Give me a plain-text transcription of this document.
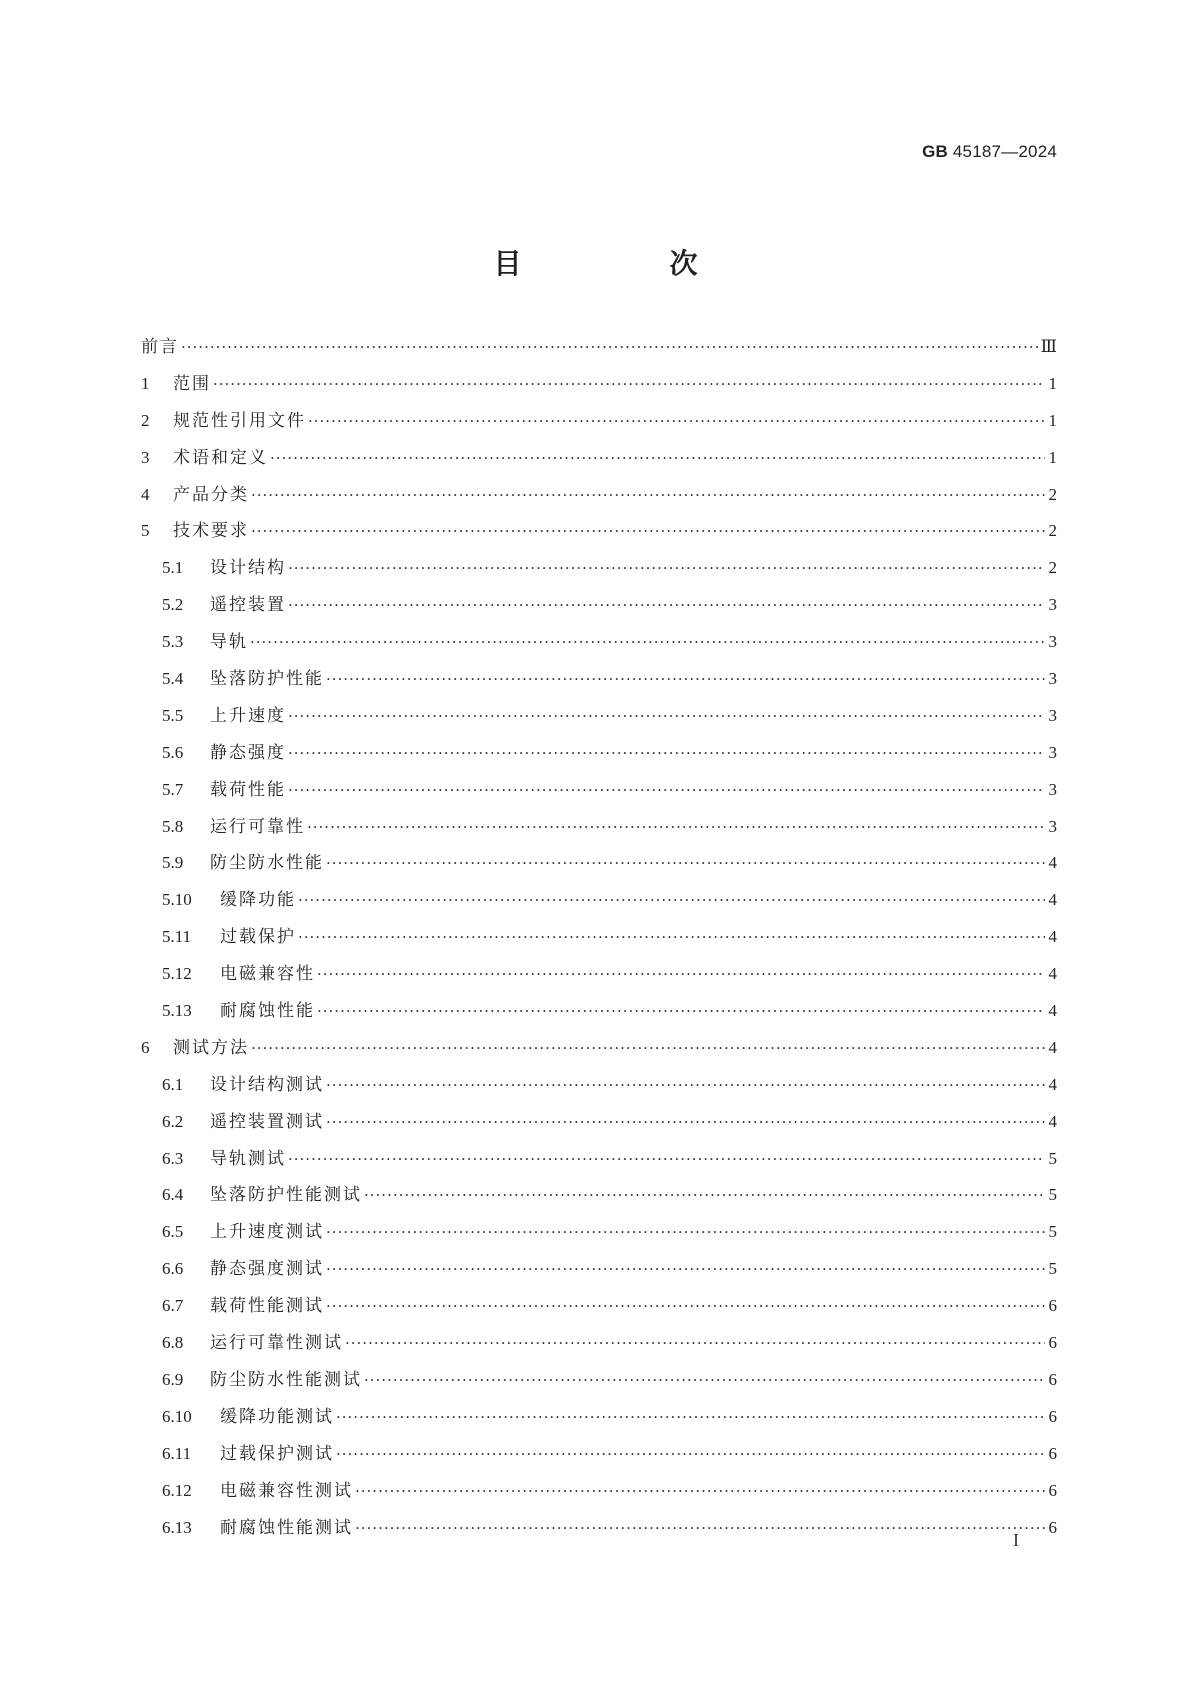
GB 45187—2024
目　次
前言 ·····	Ⅲ
1	范围 ·····	1
2	规范性引用文件 ·····	1
3	术语和定义 ·····	1
4	产品分类 ·····	2
5	技术要求 ·····	2
5.1	设计结构 ·····	2
5.2	遥控装置 ·····	3
5.3	导轨 ·····	3
5.4	坠落防护性能 ·····	3
5.5	上升速度 ·····	3
5.6	静态强度 ·····	3
5.7	载荷性能 ·····	3
5.8	运行可靠性 ·····	3
5.9	防尘防水性能 ·····	4
5.10	缓降功能 ·····	4
5.11	过载保护 ·····	4
5.12	电磁兼容性 ·····	4
5.13	耐腐蚀性能 ·····	4
6	测试方法 ·····	4
6.1	设计结构测试 ·····	4
6.2	遥控装置测试 ·····	4
6.3	导轨测试 ·····	5
6.4	坠落防护性能测试 ·····	5
6.5	上升速度测试 ·····	5
6.6	静态强度测试 ·····	5
6.7	载荷性能测试 ·····	6
6.8	运行可靠性测试 ·····	6
6.9	防尘防水性能测试 ·····	6
6.10	缓降功能测试 ·····	6
6.11	过载保护测试 ·····	6
6.12	电磁兼容性测试 ·····	6
6.13	耐腐蚀性能测试 ·····	6
I
